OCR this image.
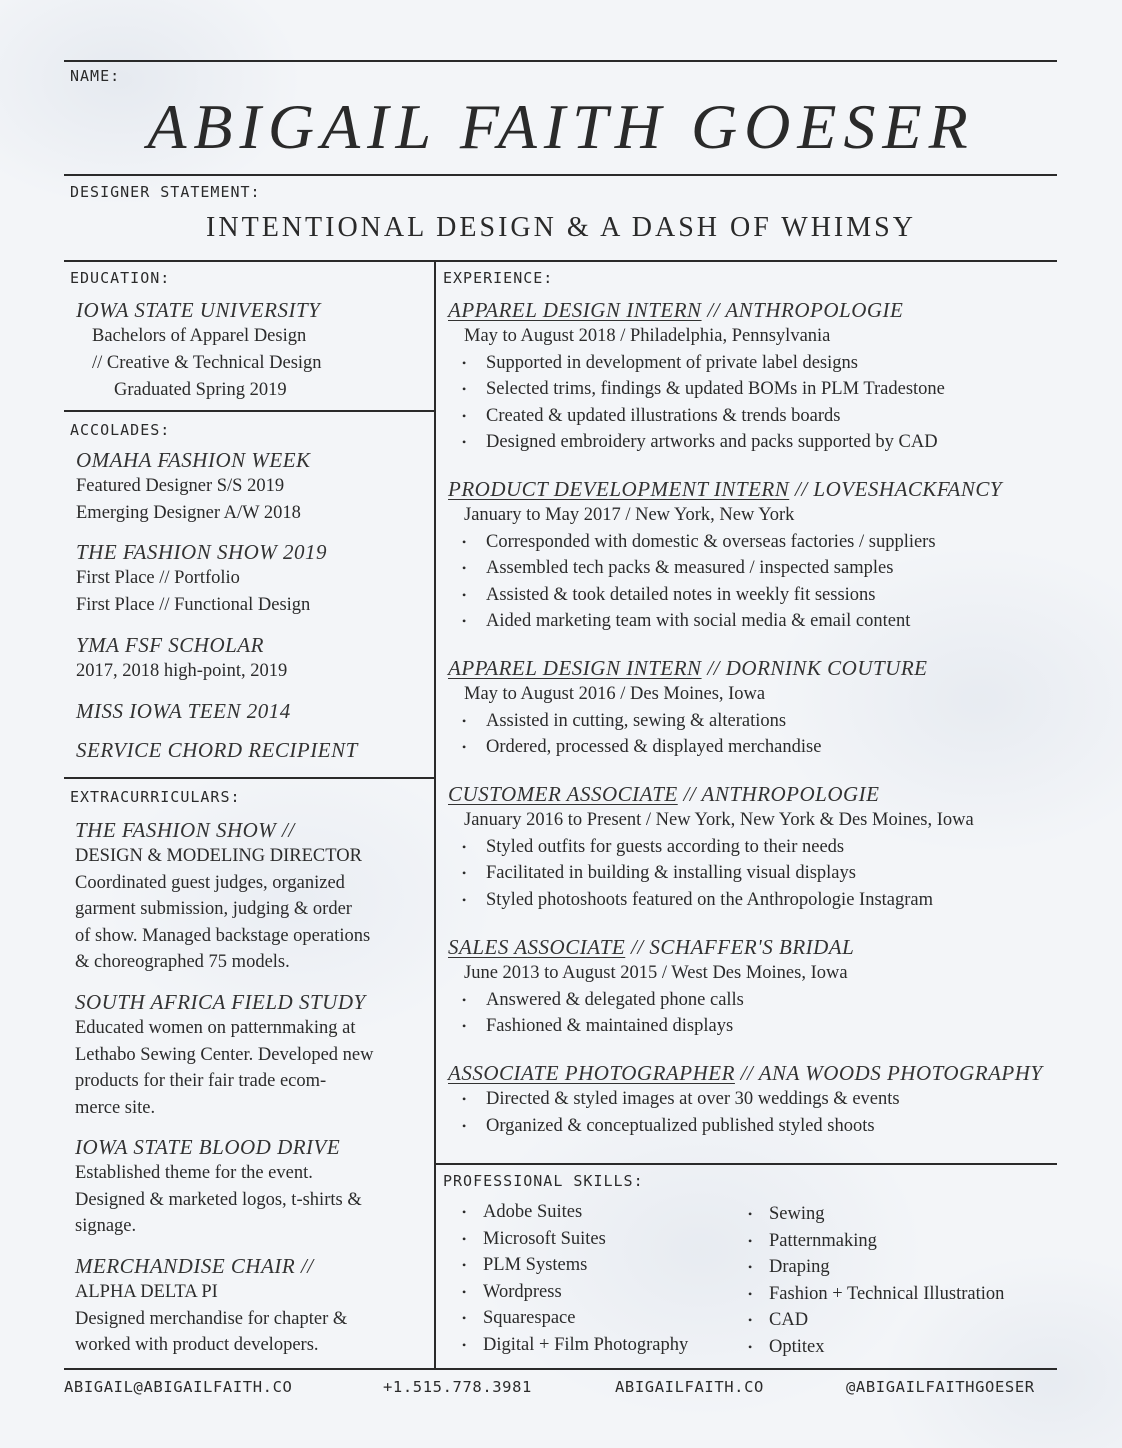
NAME:
ABIGAIL FAITH GOESER
DESIGNER STATEMENT:
INTENTIONAL DESIGN & A DASH OF WHIMSY
EDUCATION:
IOWA STATE UNIVERSITY
Bachelors of Apparel Design
// Creative & Technical Design
Graduated Spring 2019
ACCOLADES:
OMAHA FASHION WEEK
Featured Designer S/S 2019
Emerging Designer A/W 2018
THE FASHION SHOW 2019
First Place // Portfolio
First Place // Functional Design
YMA FSF SCHOLAR
2017, 2018 high-point, 2019
MISS IOWA TEEN 2014
SERVICE CHORD RECIPIENT
EXTRACURRICULARS:
THE FASHION SHOW //
DESIGN & MODELING DIRECTOR
Coordinated guest judges, organized
garment submission, judging & order
of show. Managed backstage operations
& choreographed 75 models.
SOUTH AFRICA FIELD STUDY
Educated women on patternmaking at
Lethabo Sewing Center. Developed new
products for their fair trade ecom-
merce site.
IOWA STATE BLOOD DRIVE
Established theme for the event.
Designed & marketed logos, t-shirts &
signage.
MERCHANDISE CHAIR //
ALPHA DELTA PI
Designed merchandise for chapter &
worked with product developers.
EXPERIENCE:
APPAREL DESIGN INTERN // ANTHROPOLOGIE
May to August 2018 / Philadelphia, Pennsylvania
• Supported in development of private label designs
• Selected trims, findings & updated BOMs in PLM Tradestone
• Created & updated illustrations & trends boards
• Designed embroidery artworks and packs supported by CAD
PRODUCT DEVELOPMENT INTERN // LOVESHACKFANCY
January to May 2017 / New York, New York
• Corresponded with domestic & overseas factories / suppliers
• Assembled tech packs & measured / inspected samples
• Assisted & took detailed notes in weekly fit sessions
• Aided marketing team with social media & email content
APPAREL DESIGN INTERN // DORNINK COUTURE
May to August 2016 / Des Moines, Iowa
• Assisted in cutting, sewing & alterations
• Ordered, processed & displayed merchandise
CUSTOMER ASSOCIATE // ANTHROPOLOGIE
January 2016 to Present / New York, New York & Des Moines, Iowa
• Styled outfits for guests according to their needs
• Facilitated in building & installing visual displays
• Styled photoshoots featured on the Anthropologie Instagram
SALES ASSOCIATE // SCHAFFER'S BRIDAL
June 2013 to August 2015 / West Des Moines, Iowa
• Answered & delegated phone calls
• Fashioned & maintained displays
ASSOCIATE PHOTOGRAPHER // ANA WOODS PHOTOGRAPHY
• Directed & styled images at over 30 weddings & events
• Organized & conceptualized published styled shoots
PROFESSIONAL SKILLS:
• Adobe Suites
• Microsoft Suites
• PLM Systems
• Wordpress
• Squarespace
• Digital + Film Photography
• Sewing
• Patternmaking
• Draping
• Fashion + Technical Illustration
• CAD
• Optitex
ABIGAIL@ABIGAILFAITH.CO	+1.515.778.3981	ABIGAILFAITH.CO	@ABIGAILFAITHGOESER
